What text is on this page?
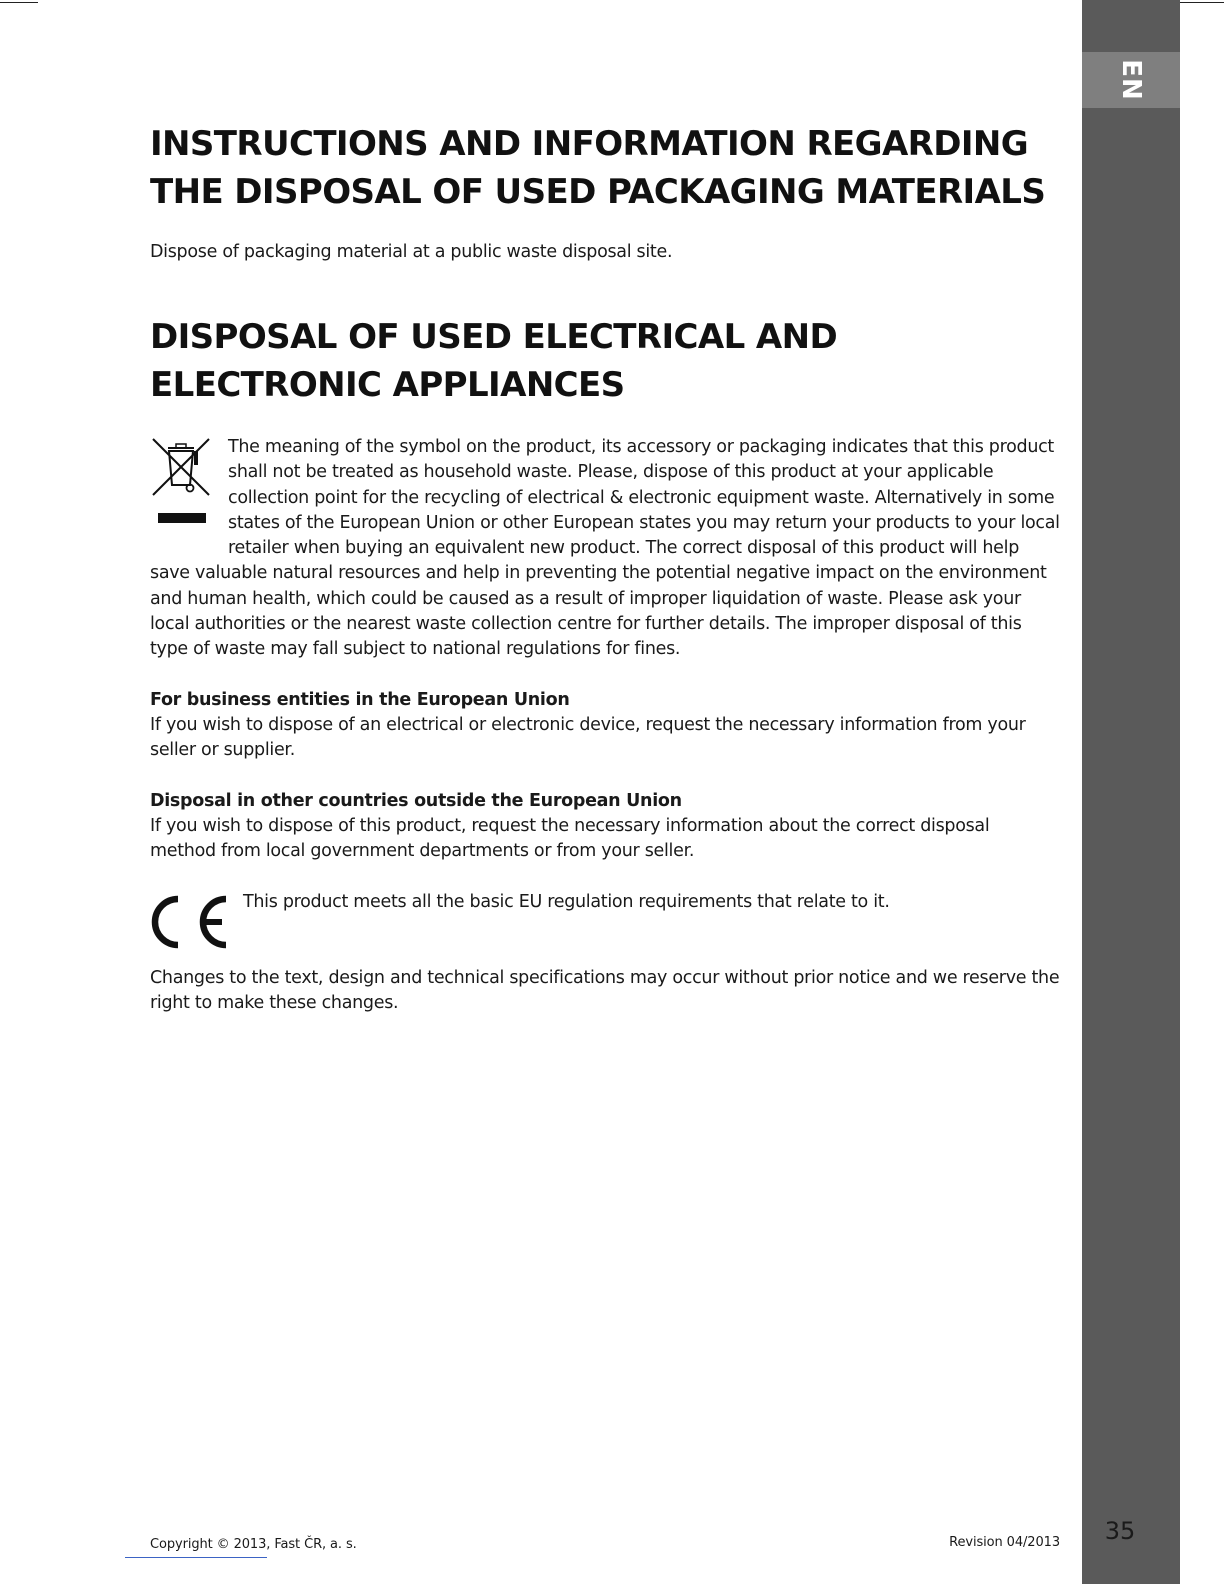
EN
35
INSTRUCTIONS AND INFORMATION REGARDING THE DISPOSAL OF USED PACKAGING MATERIALS

Dispose of packaging material at a public waste disposal site.

DISPOSAL OF USED ELECTRICAL AND ELECTRONIC APPLIANCES
The meaning of the symbol on the product, its accessory or packaging indicates that this product shall not be treated as household waste. Please, dispose of this product at your applicable collection point for the recycling of electrical & electronic equipment waste. Alternatively in some states of the European Union or other European states you may return your products to your local retailer when buying an equivalent new product. The correct disposal of this product will help save valuable natural resources and help in preventing the potential negative impact on the environment and human health, which could be caused as a result of improper liquidation of waste. Please ask your local authorities or the nearest waste collection centre for further details. The improper disposal of this type of waste may fall subject to national regulations for fines.

For business entities in the European Union

If you wish to dispose of an electrical or electronic device, request the necessary information from your seller or supplier.

Disposal in other countries outside the European Union

If you wish to dispose of this product, request the necessary information about the correct disposal method from local government departments or from your seller.

This product meets all the basic EU regulation requirements that relate to it.

Changes to the text, design and technical specifications may occur without prior notice and we reserve the right to make these changes.

Copyright © 2013, Fast ČR, a. s.	Revision 04/2013
